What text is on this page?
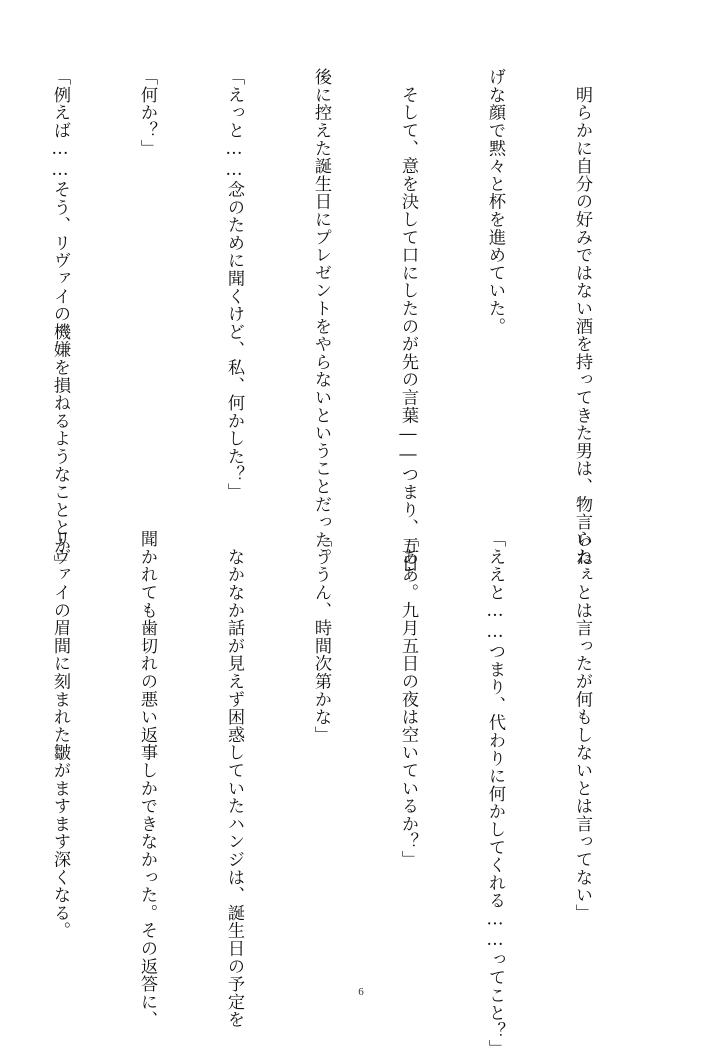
　明らかに自分の好みではない酒を持ってきた男は、物言いた

げな顔で黙々と杯を進めていた。

　そして、意を決して口にしたのが先の言葉――つまり、五日

後に控えた誕生日にプレゼントをやらないということだった。

「えっと……念のために聞くけど、私、何かした？」

「何か？」

「例えば……そう、リヴァイの機嫌を損ねるようなこととか」

らねぇとは言ったが何もしないとは言ってない」

「ええと……つまり、代わりに何かしてくれる……ってこと？」

「ああ。九月五日の夜は空いているか？」

「ううん、時間次第かな」

　なかなか話が見えず困惑していたハンジは、誕生日の予定を

聞かれても歯切れの悪い返事しかできなかった。その返答に、

リヴァイの眉間に刻まれた皺がますます深くなる。

6
